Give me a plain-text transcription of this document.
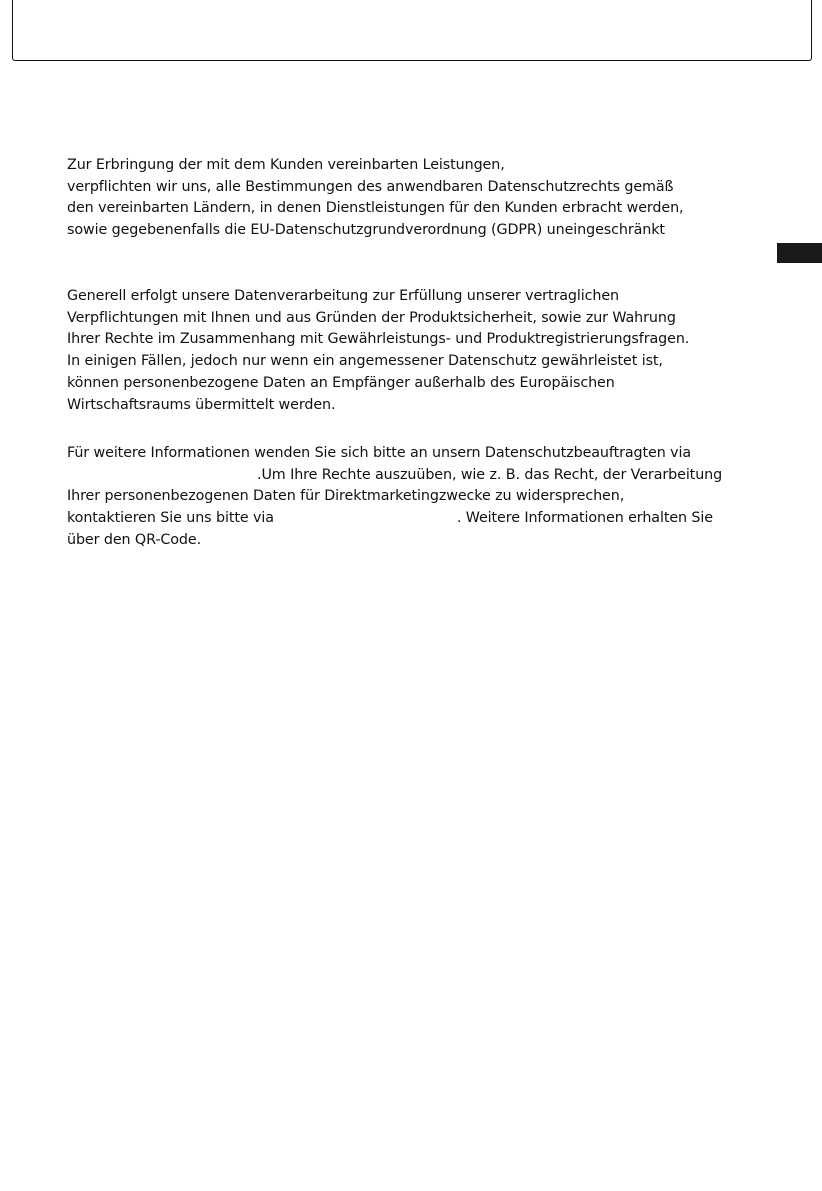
Zur Erbringung der mit dem Kunden vereinbarten Leistungen,
verpflichten wir uns, alle Bestimmungen des anwendbaren Datenschutzrechts gemäß
den vereinbarten Ländern, in denen Dienstleistungen für den Kunden erbracht werden,
sowie gegebenenfalls die EU-Datenschutzgrundverordnung (GDPR) uneingeschränkt
Generell erfolgt unsere Datenverarbeitung zur Erfüllung unserer vertraglichen
Verpflichtungen mit Ihnen und aus Gründen der Produktsicherheit, sowie zur Wahrung
Ihrer Rechte im Zusammenhang mit Gewährleistungs- und Produktregistrierungsfragen.
In einigen Fällen, jedoch nur wenn ein angemessener Datenschutz gewährleistet ist,
können personenbezogene Daten an Empfänger außerhalb des Europäischen
Wirtschaftsraums übermittelt werden.
Für weitere Informationen wenden Sie sich bitte an unsern Datenschutzbeauftragten via
.Um Ihre Rechte auszuüben, wie z. B. das Recht, der Verarbeitung
Ihrer personenbezogenen Daten für Direktmarketingzwecke zu widersprechen,
kontaktieren Sie uns bitte via	. Weitere Informationen erhalten Sie
über den QR-Code.
